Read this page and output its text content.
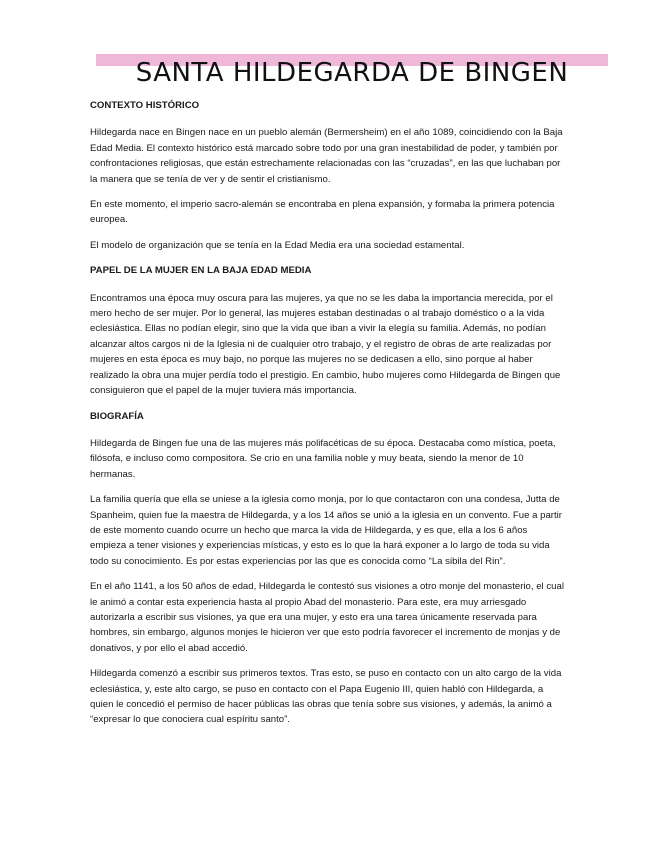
SANTA HILDEGARDA DE BINGEN
CONTEXTO HISTÓRICO

Hildegarda nace en Bingen nace en un pueblo alemán (Bermersheim) en el año 1089, coincidiendo con la Baja Edad Media. El contexto histórico está marcado sobre todo por una gran inestabilidad de poder, y también por confrontaciones religiosas, que están estrechamente relacionadas con las “cruzadas”, en las que luchaban por la manera que se tenía de ver y de sentir el cristianismo.

En este momento, el imperio sacro-alemán se encontraba en plena expansión, y formaba la primera potencia europea.

El modelo de organización que se tenía en la Edad Media era una sociedad estamental.

PAPEL DE LA MUJER EN LA BAJA EDAD MEDIA

Encontramos una época muy oscura para las mujeres, ya que no se les daba la importancia merecida, por el mero hecho de ser mujer. Por lo general, las mujeres estaban destinadas o al trabajo doméstico o a la vida eclesiástica. Ellas no podían elegir, sino que la vida que iban a vivir la elegía su familia. Además, no podían alcanzar altos cargos ni de la Iglesia ni de cualquier otro trabajo, y el registro de obras de arte realizadas por mujeres en esta época es muy bajo, no porque las mujeres no se dedicasen a ello, sino porque al haber realizado la obra una mujer perdía todo el prestigio. En cambio, hubo mujeres como Hildegarda de Bingen que consiguieron que el papel de la mujer tuviera más importancia.

BIOGRAFÍA

Hildegarda de Bingen fue una de las mujeres más polifacéticas de su época. Destacaba como mística, poeta, filósofa, e incluso como compositora. Se crio en una familia noble y muy beata, siendo la menor de 10 hermanas.

La familia quería que ella se uniese a la iglesia como monja, por lo que contactaron con una condesa, Jutta de Spanheim, quien fue la maestra de Hildegarda, y a los 14 años se unió a la iglesia en un convento. Fue a partir de este momento cuando ocurre un hecho que marca la vida de Hildegarda, y es que, ella a los 6 años empieza a tener visiones y experiencias místicas, y esto es lo que la hará exponer a lo largo de toda su vida todo su conocimiento. Es por estas experiencias por las que es conocida como “La sibila del Rin”.

En el año 1141, a los 50 años de edad, Hildegarda le contestó sus visiones a otro monje del monasterio, el cual le animó a contar esta experiencia hasta al propio Abad del monasterio. Para este, era muy arriesgado autorizarla a escribir sus visiones, ya que era una mujer, y esto era una tarea únicamente reservada para hombres, sin embargo, algunos monjes le hicieron ver que esto podría favorecer el incremento de monjas y de donativos, y por ello el abad accedió.

Hildegarda comenzó a escribir sus primeros textos. Tras esto, se puso en contacto con un alto cargo de la vida eclesiástica, y, este alto cargo, se puso en contacto con el Papa Eugenio III, quien habló con Hildegarda, a quien le concedió el permiso de hacer públicas las obras que tenía sobre sus visiones, y además, la animó a “expresar lo que conociera cual espíritu santo”.
